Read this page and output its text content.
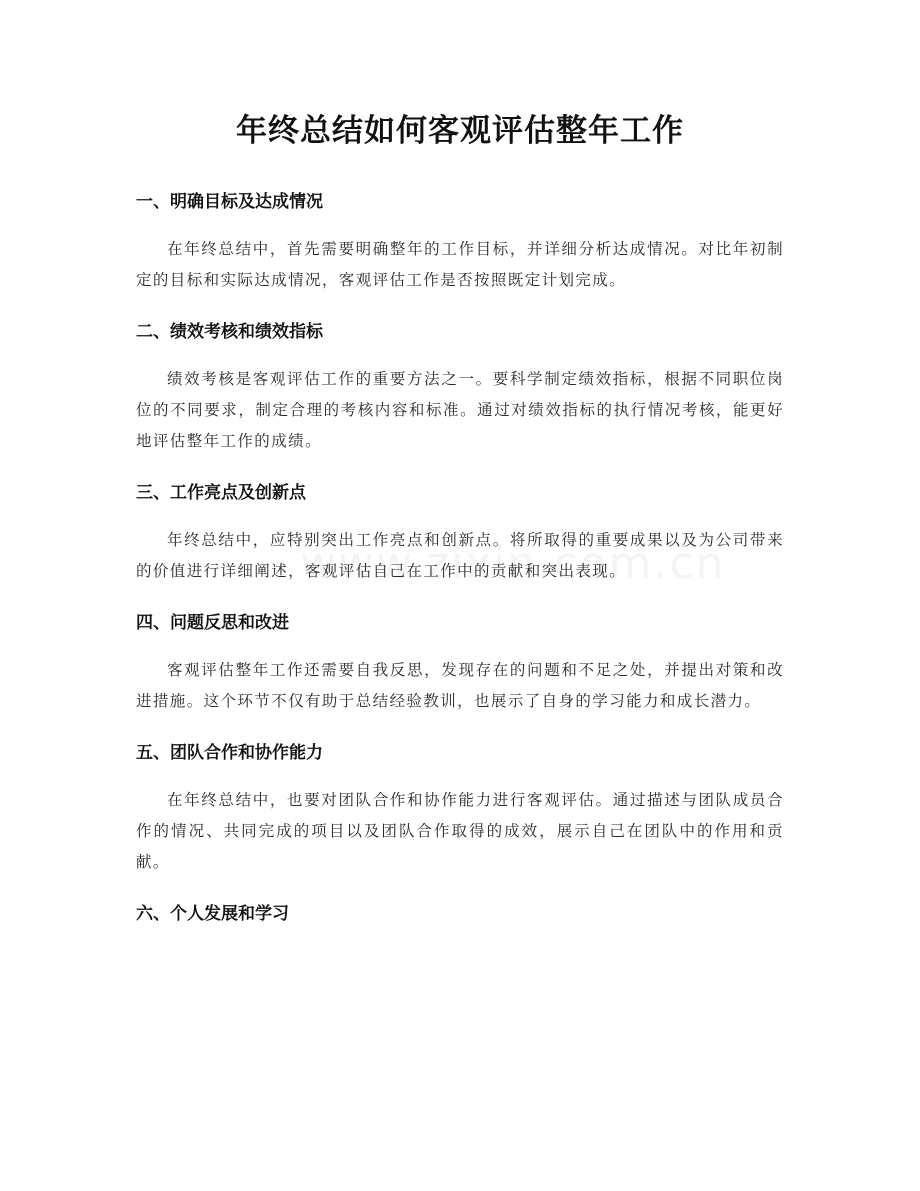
年终总结如何客观评估整年工作
一、明确目标及达成情况

在年终总结中，首先需要明确整年的工作目标，并详细分析达成情况。对比年初制定的目标和实际达成情况，客观评估工作是否按照既定计划完成。

二、绩效考核和绩效指标

绩效考核是客观评估工作的重要方法之一。要科学制定绩效指标，根据不同职位岗位的不同要求，制定合理的考核内容和标准。通过对绩效指标的执行情况考核，能更好地评估整年工作的成绩。

三、工作亮点及创新点

年终总结中，应特别突出工作亮点和创新点。将所取得的重要成果以及为公司带来的价值进行详细阐述，客观评估自己在工作中的贡献和突出表现。

四、问题反思和改进

客观评估整年工作还需要自我反思，发现存在的问题和不足之处，并提出对策和改进措施。这个环节不仅有助于总结经验教训，也展示了自身的学习能力和成长潜力。

五、团队合作和协作能力

在年终总结中，也要对团队合作和协作能力进行客观评估。通过描述与团队成员合作的情况、共同完成的项目以及团队合作取得的成效，展示自己在团队中的作用和贡献。

六、个人发展和学习
